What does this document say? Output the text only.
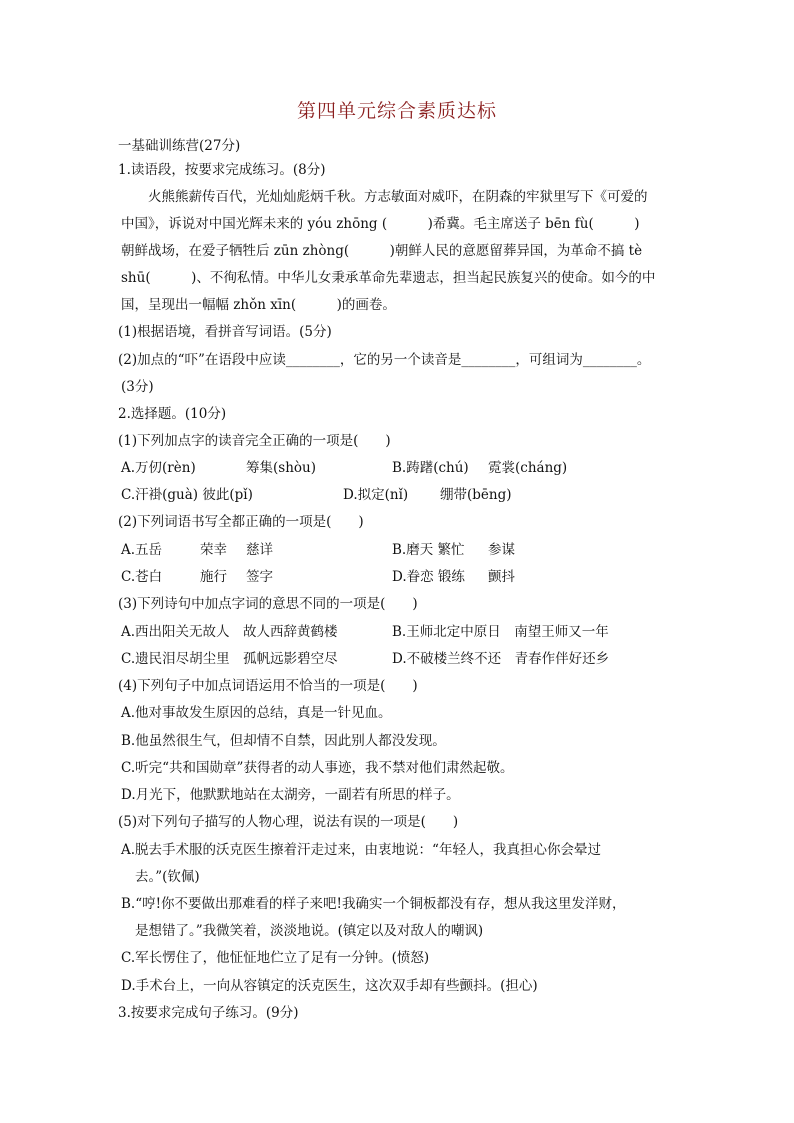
第四单元综合素质达标
一基础训练营(27分)
1.读语段，按要求完成练习。(8分)
火熊熊薪传百代，光灿灿彪炳千秋。方志敏面对威吓，在阴森的牢狱里写下《可爱的
中国》，诉说对中国光辉未来的 yóu zhōng (　　　)希冀。毛主席送子 bēn fù(　　　)
朝鲜战场，在爱子牺牲后 zūn zhòng(　　　)朝鲜人民的意愿留葬异国，为革命不搞 tè
shū(　　　)、不徇私情。中华儿女秉承革命先辈遗志，担当起民族复兴的使命。如今的中
国，呈现出一幅幅 zhǒn xīn(　　　)的画卷。
(1)根据语境，看拼音写词语。(5分)
(2)加点的“吓”在语段中应读________，它的另一个读音是________，可组词为________。
(3分)
2.选择题。(10分)
(1)下列加点字的读音完全正确的一项是(　　)
A.万仞(rèn)	筹集(shòu)	B.踌躇(chú) 霓裳(cháng)
C.汗褂(guà) 彼此(pǐ)	D.拟定(nǐ) 绷带(bēng)
(2)下列词语书写全都正确的一项是(　　)
A.五岳	荣幸 慈详	B.磨天 繁忙 参谋
C.苍白	施行 签字	D.眷恋 锻练 颤抖
(3)下列诗句中加点字词的意思不同的一项是(　　)
A.西出阳关无故人　故人西辞黄鹤楼	B.王师北定中原日　南望王师又一年
C.遗民泪尽胡尘里　孤帆远影碧空尽	D.不破楼兰终不还　青春作伴好还乡
(4)下列句子中加点词语运用不恰当的一项是(　　)
A.他对事故发生原因的总结，真是一针见血。
B.他虽然很生气，但却情不自禁，因此别人都没发现。
C.听完“共和国勋章”获得者的动人事迹，我不禁对他们肃然起敬。
D.月光下，他默默地站在太湖旁，一副若有所思的样子。
(5)对下列句子描写的人物心理，说法有误的一项是(　　)
A.脱去手术服的沃克医生擦着汗走过来，由衷地说：“年轻人，我真担心你会晕过
去。”(钦佩)
B.“哼!你不要做出那难看的样子来吧!我确实一个铜板都没有存，想从我这里发洋财，
是想错了。”我微笑着，淡淡地说。(镇定以及对敌人的嘲讽)
C.军长愣住了，他怔怔地伫立了足有一分钟。(愤怒)
D.手术台上，一向从容镇定的沃克医生，这次双手却有些颤抖。(担心)
3.按要求完成句子练习。(9分)
